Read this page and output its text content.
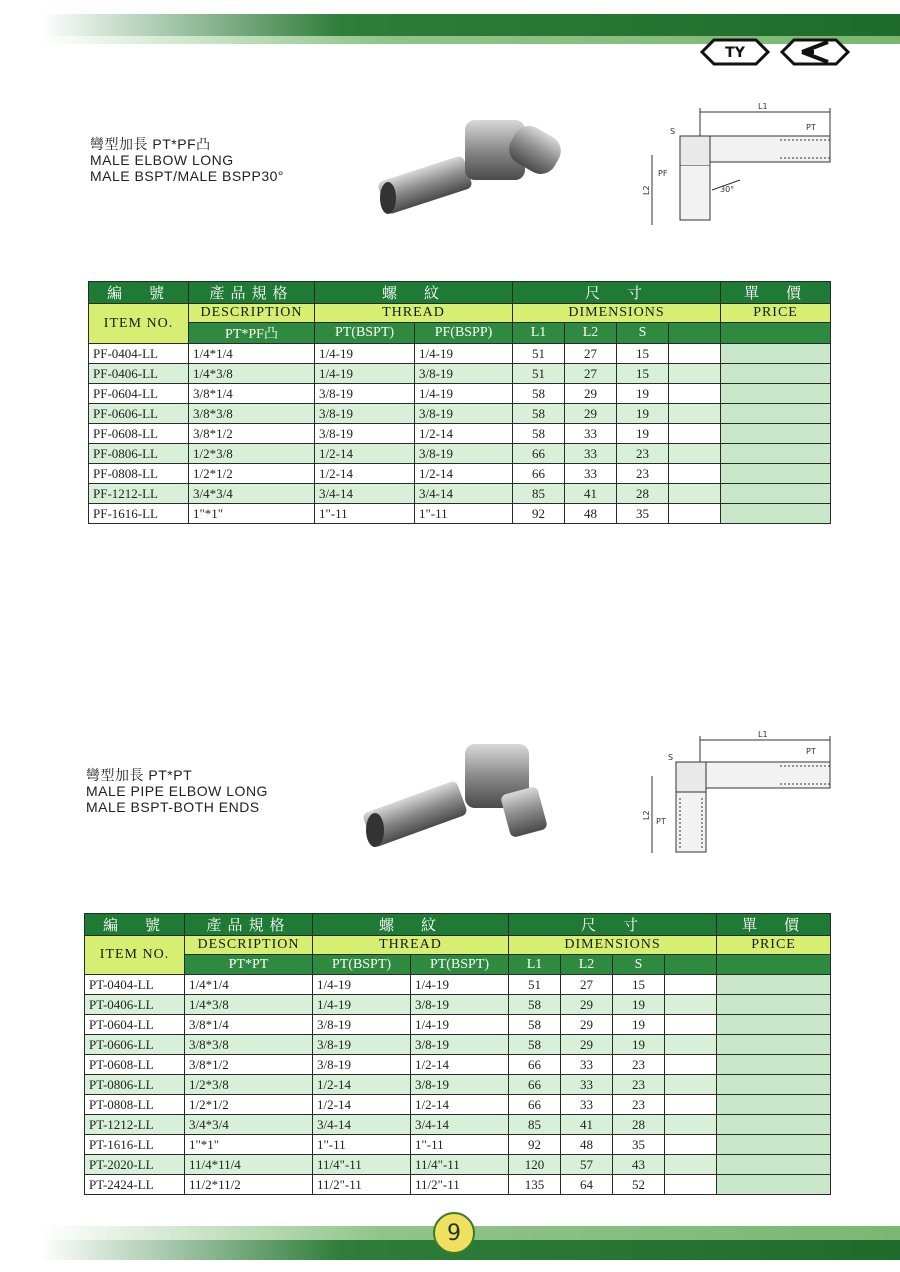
TY
彎型加長 PT*PF凸
MALE ELBOW LONG
MALE BSPT/MALE BSPP30°
L1
PT
S
PF
L2	30°
編　號	產品規格	螺　紋		尺　寸				單　價
ITEM NO.	DESCRIPTION	THREAD		DIMENSIONS				PRICE
	PT*PF凸	PT(BSPT)	PF(BSPP)	L1	L2	S		
PF-0404-LL	1/4*1/4	1/4-19	1/4-19	51	27	15		
PF-0406-LL	1/4*3/8	1/4-19	3/8-19	51	27	15		
PF-0604-LL	3/8*1/4	3/8-19	1/4-19	58	29	19		
PF-0606-LL	3/8*3/8	3/8-19	3/8-19	58	29	19		
PF-0608-LL	3/8*1/2	3/8-19	1/2-14	58	33	19		
PF-0806-LL	1/2*3/8	1/2-14	3/8-19	66	33	23		
PF-0808-LL	1/2*1/2	1/2-14	1/2-14	66	33	23		
PF-1212-LL	3/4*3/4	3/4-14	3/4-14	85	41	28		
PF-1616-LL	1"*1"	1"-11	1"-11	92	48	35		
彎型加長 PT*PT
MALE PIPE ELBOW LONG
MALE BSPT-BOTH ENDS
L1
PT
S
PT
L2
編　號	產品規格	螺　紋		尺　寸				單　價
ITEM NO.	DESCRIPTION	THREAD		DIMENSIONS				PRICE
	PT*PT	PT(BSPT)	PT(BSPT)	L1	L2	S		
PT-0404-LL	1/4*1/4	1/4-19	1/4-19	51	27	15		
PT-0406-LL	1/4*3/8	1/4-19	3/8-19	58	29	19		
PT-0604-LL	3/8*1/4	3/8-19	1/4-19	58	29	19		
PT-0606-LL	3/8*3/8	3/8-19	3/8-19	58	29	19		
PT-0608-LL	3/8*1/2	3/8-19	1/2-14	66	33	23		
PT-0806-LL	1/2*3/8	1/2-14	3/8-19	66	33	23		
PT-0808-LL	1/2*1/2	1/2-14	1/2-14	66	33	23		
PT-1212-LL	3/4*3/4	3/4-14	3/4-14	85	41	28		
PT-1616-LL	1"*1"	1"-11	1"-11	92	48	35		
PT-2020-LL	11/4*11/4	11/4"-11	11/4"-11	120	57	43		
PT-2424-LL	11/2*11/2	11/2"-11	11/2"-11	135	64	52		
9
